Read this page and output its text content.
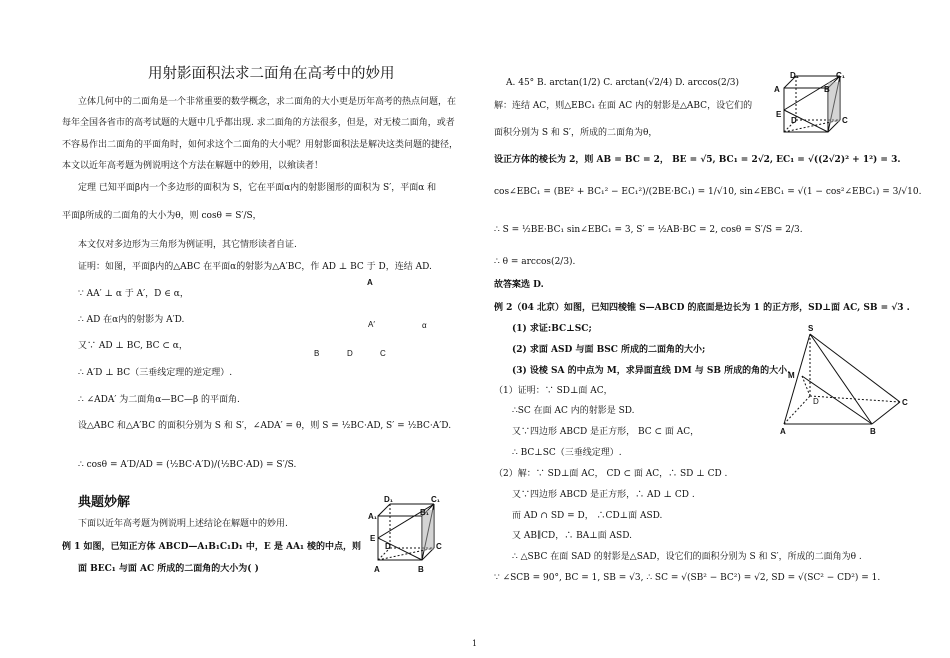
用射影面积法求二面角在高考中的妙用
立体几何中的二面角是一个非常重要的数学概念，求二面角的大小更是历年高考的热点问题，在
每年全国各省市的高考试题的大题中几乎都出现. 求二面角的方法很多，但是，对无棱二面角，或者
不容易作出二面角的平面角时，如何求这个二面角的大小呢？用射影面积法是解决这类问题的捷径，
本文以近年高考题为例说明这个方法在解题中的妙用，以飨读者！
定理 已知平面β内一个多边形的面积为 S，它在平面α内的射影图形的面积为 S′，平面α 和
平面β所成的二面角的大小为θ，则 cosθ = S′/S，
本文仅对多边形为三角形为例证明，其它情形读者自证.
证明：如图，平面β内的△ABC 在平面α的射影为△A′BC，作 AD ⊥ BC 于 D，连结 AD.
∵ AA′ ⊥ α 于 A′，D ∈ α，
∴ AD 在α内的射影为 A′D.
又∵ AD ⊥ BC, BC ⊂ α，
∴ A′D ⊥ BC（三垂线定理的逆定理）.
∴ ∠ADA′ 为二面角α—BC—β 的平面角.
设△ABC 和△A′BC 的面积分别为 S 和 S′，∠ADA′ = θ，则 S = ½BC·AD, S′ = ½BC·A′D.
∴ cosθ = A′D/AD = (½BC·A′D)/(½BC·AD) = S′/S.
A
A′	α
B	D	C
典题妙解
下面以近年高考题为例说明上述结论在解题中的妙用.
例 1 如图，已知正方体 ABCD—A₁B₁C₁D₁ 中，E 是 AA₁ 棱的中点，则
面 BEC₁ 与面 AC 所成的二面角的大小为( )
D₁	C₁
A₁	B₁
E
D	C
A	B
A. 45° B. arctan(1/2) C. arctan(√2/4) D. arccos(2/3)
解：连结 AC，则△EBC₁ 在面 AC 内的射影是△ABC，设它们的
面积分别为 S 和 S′，所成的二面角为θ，
设正方体的棱长为 2，则 AB = BC = 2， BE = √5, BC₁ = 2√2, EC₁ = √((2√2)² + 1²) = 3.
cos∠EBC₁ = (BE² + BC₁² − EC₁²)/(2BE·BC₁) = 1/√10, sin∠EBC₁ = √(1 − cos²∠EBC₁) = 3/√10.
∴ S = ½BE·BC₁ sin∠EBC₁ = 3, S′ = ½AB·BC = 2, cosθ = S′/S = 2/3.
∴ θ = arccos(2/3).
故答案选 D.
D₁	C₁
A	B
E
D	C
例 2（04 北京）如图，已知四棱锥 S—ABCD 的底面是边长为 1 的正方形，SD⊥面 AC, SB = √3 .
(1) 求证:BC⊥SC;
(2) 求面 ASD 与面 BSC 所成的二面角的大小;
(3) 设棱 SA 的中点为 M，求异面直线 DM 与 SB 所成的角的大小.
（1）证明：∵ SD⊥面 AC，
∴SC 在面 AC 内的射影是 SD.
又∵四边形 ABCD 是正方形， BC ⊂ 面 AC，
∴ BC⊥SC（三垂线定理）.
（2）解：∵ SD⊥面 AC， CD ⊂ 面 AC，∴ SD ⊥ CD .
又∵四边形 ABCD 是正方形，∴ AD ⊥ CD .
而 AD ∩ SD = D， ∴CD⊥面 ASD.
又 AB∥CD，∴ BA⊥面 ASD.
∴ △SBC 在面 SAD 的射影是△SAD，设它们的面积分别为 S 和 S′，所成的二面角为θ .
∵ ∠SCB = 90°, BC = 1, SB = √3, ∴ SC = √(SB² − BC²) = √2, SD = √(SC² − CD²) = 1.
S
M
D	C
A	B
1
